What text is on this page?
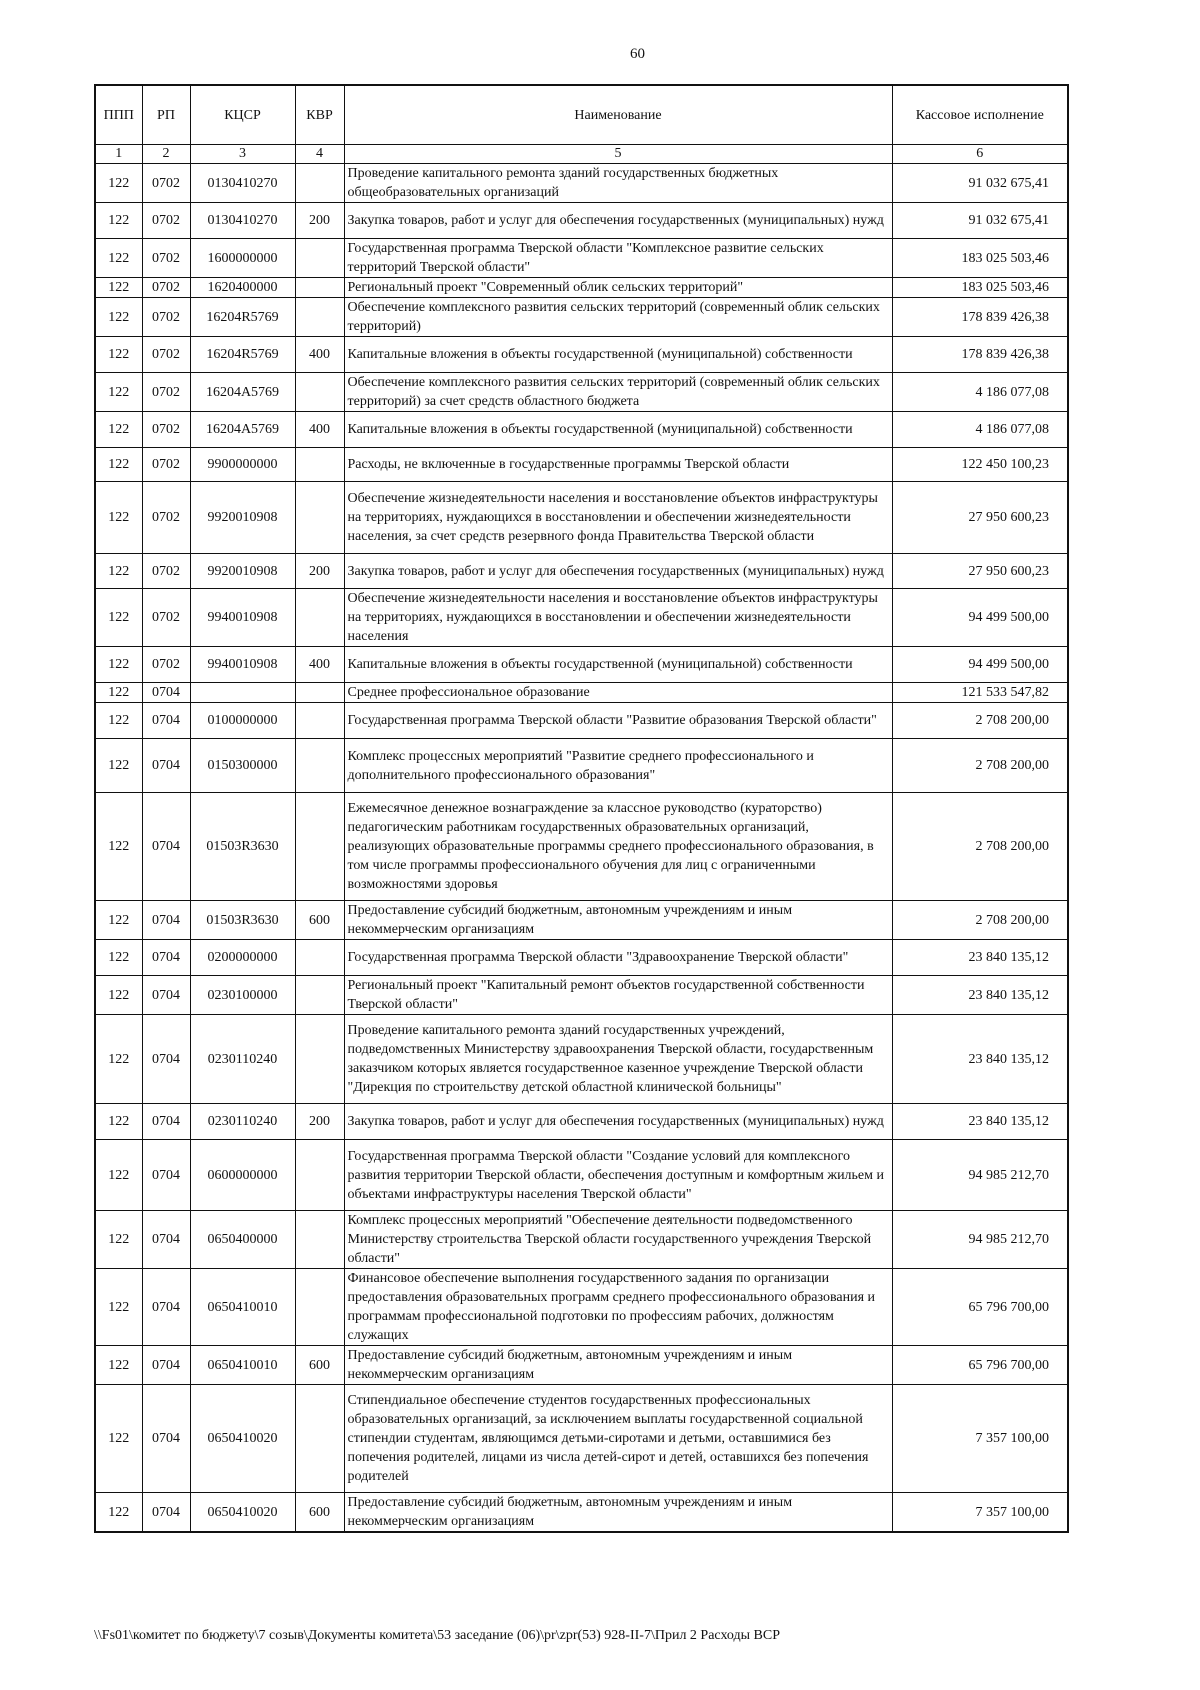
60
ППП	РП	КЦСР	КВР	Наименование	Кассовое исполнение
1	2	3	4	5	6
122	0702	0130410270		Проведение капитального ремонта зданий государственных бюджетных общеобразовательных организаций	91 032 675,41
122	0702	0130410270	200	Закупка товаров, работ и услуг для обеспечения государственных (муниципальных) нужд	91 032 675,41
122	0702	1600000000		Государственная программа Тверской области "Комплексное развитие сельских территорий Тверской области"	183 025 503,46
122	0702	1620400000		Региональный проект "Современный облик сельских территорий"	183 025 503,46
122	0702	16204R5769		Обеспечение комплексного развития сельских территорий (современный облик сельских территорий)	178 839 426,38
122	0702	16204R5769	400	Капитальные вложения в объекты государственной (муниципальной) собственности	178 839 426,38
122	0702	16204A5769		Обеспечение комплексного развития сельских территорий (современный облик сельских территорий) за счет средств областного бюджета	4 186 077,08
122	0702	16204A5769	400	Капитальные вложения в объекты государственной (муниципальной) собственности	4 186 077,08
122	0702	9900000000		Расходы, не включенные в государственные программы Тверской области	122 450 100,23
122	0702	9920010908		Обеспечение жизнедеятельности населения и восстановление объектов инфраструктуры на территориях, нуждающихся в восстановлении и обеспечении жизнедеятельности населения, за счет средств резервного фонда Правительства Тверской области	27 950 600,23
122	0702	9920010908	200	Закупка товаров, работ и услуг для обеспечения государственных (муниципальных) нужд	27 950 600,23
122	0702	9940010908		Обеспечение жизнедеятельности населения и восстановление объектов инфраструктуры на территориях, нуждающихся в восстановлении и обеспечении жизнедеятельности населения	94 499 500,00
122	0702	9940010908	400	Капитальные вложения в объекты государственной (муниципальной) собственности	94 499 500,00
122	0704			Среднее профессиональное образование	121 533 547,82
122	0704	0100000000		Государственная программа Тверской области "Развитие образования Тверской области"	2 708 200,00
122	0704	0150300000		Комплекс процессных мероприятий "Развитие среднего профессионального и дополнительного профессионального образования"	2 708 200,00
122	0704	01503R3630		Ежемесячное денежное вознаграждение за классное руководство (кураторство) педагогическим работникам государственных образовательных организаций, реализующих образовательные программы среднего профессионального образования, в том числе программы профессионального обучения для лиц с ограниченными возможностями здоровья	2 708 200,00
122	0704	01503R3630	600	Предоставление субсидий бюджетным, автономным учреждениям и иным некоммерческим организациям	2 708 200,00
122	0704	0200000000		Государственная программа Тверской области "Здравоохранение Тверской области"	23 840 135,12
122	0704	0230100000		Региональный проект "Капитальный ремонт объектов государственной собственности Тверской области"	23 840 135,12
122	0704	0230110240		Проведение капитального ремонта зданий государственных учреждений, подведомственных Министерству здравоохранения Тверской области, государственным заказчиком которых является государственное казенное учреждение Тверской области "Дирекция по строительству детской областной клинической больницы"	23 840 135,12
122	0704	0230110240	200	Закупка товаров, работ и услуг для обеспечения государственных (муниципальных) нужд	23 840 135,12
122	0704	0600000000		Государственная программа Тверской области "Создание условий для комплексного развития территории Тверской области, обеспечения доступным и комфортным жильем и объектами инфраструктуры населения Тверской области"	94 985 212,70
122	0704	0650400000		Комплекс процессных мероприятий "Обеспечение деятельности подведомственного Министерству строительства Тверской области государственного учреждения Тверской области"	94 985 212,70
122	0704	0650410010		Финансовое обеспечение выполнения государственного задания по организации предоставления образовательных программ среднего профессионального образования и программам профессиональной подготовки по профессиям рабочих, должностям служащих	65 796 700,00
122	0704	0650410010	600	Предоставление субсидий бюджетным, автономным учреждениям и иным некоммерческим организациям	65 796 700,00
122	0704	0650410020		Стипендиальное обеспечение студентов государственных профессиональных образовательных организаций, за исключением выплаты государственной социальной стипендии студентам, являющимся детьми-сиротами и детьми, оставшимися без попечения родителей, лицами из числа детей-сирот и детей, оставшихся без попечения родителей	7 357 100,00
122	0704	0650410020	600	Предоставление субсидий бюджетным, автономным учреждениям и иным некоммерческим организациям	7 357 100,00
\\Fs01\комитет по бюджету\7 созыв\Документы комитета\53 заседание (06)\pr\zpr(53) 928-II-7\Прил 2 Расходы ВСР
